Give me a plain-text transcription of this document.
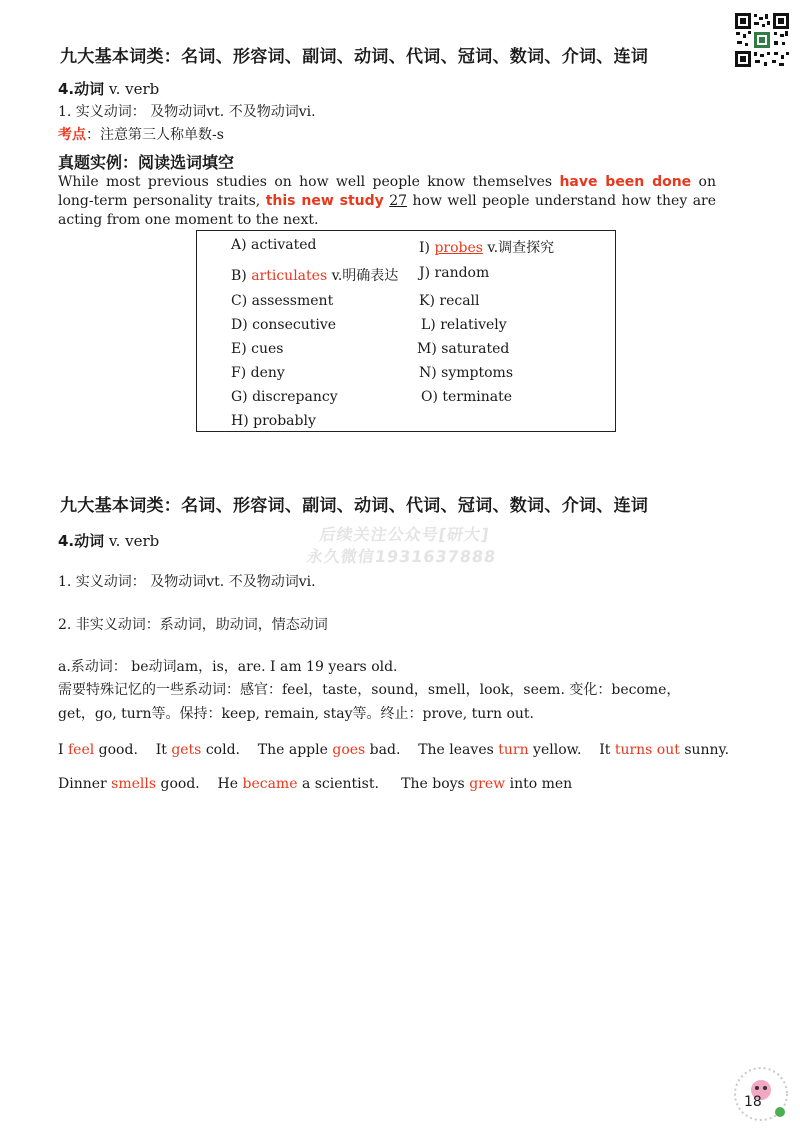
九大基本词类：名词、形容词、副词、动词、代词、冠词、数词、介词、连词
4.动词 v. verb
1. 实义动词： 及物动词vt. 不及物动词vi.
考点：注意第三人称单数-s
真题实例：阅读选词填空
While most previous studies on how well people know themselves have been done on long-term personality traits, this new study 27 how well people understand how they are acting from one moment to the next.
A) activated
B) articulates v.明确表达
C) assessment
D) consecutive
E) cues
F) deny
G) discrepancy
H) probably
I) probes v.调查探究
J) random
K) recall
L) relatively
M) saturated
N) symptoms
O) terminate
九大基本词类：名词、形容词、副词、动词、代词、冠词、数词、介词、连词
4.动词 v. verb	后续关注公众号[研大]
永久微信1931637888
1. 实义动词： 及物动词vt. 不及物动词vi.
2. 非实义动词：系动词，助动词，情态动词
a.系动词： be动词am，is，are. I am 19 years old.
需要特殊记忆的一些系动词：感官：feel，taste，sound，smell，look，seem. 变化：become，
get，go, turn等。保持：keep, remain, stay等。终止：prove, turn out.
I feel good.    It gets cold.    The apple goes bad.    The leaves turn yellow.    It turns out sunny.
Dinner smells good.    He became a scientist.     The boys grew into men
18
